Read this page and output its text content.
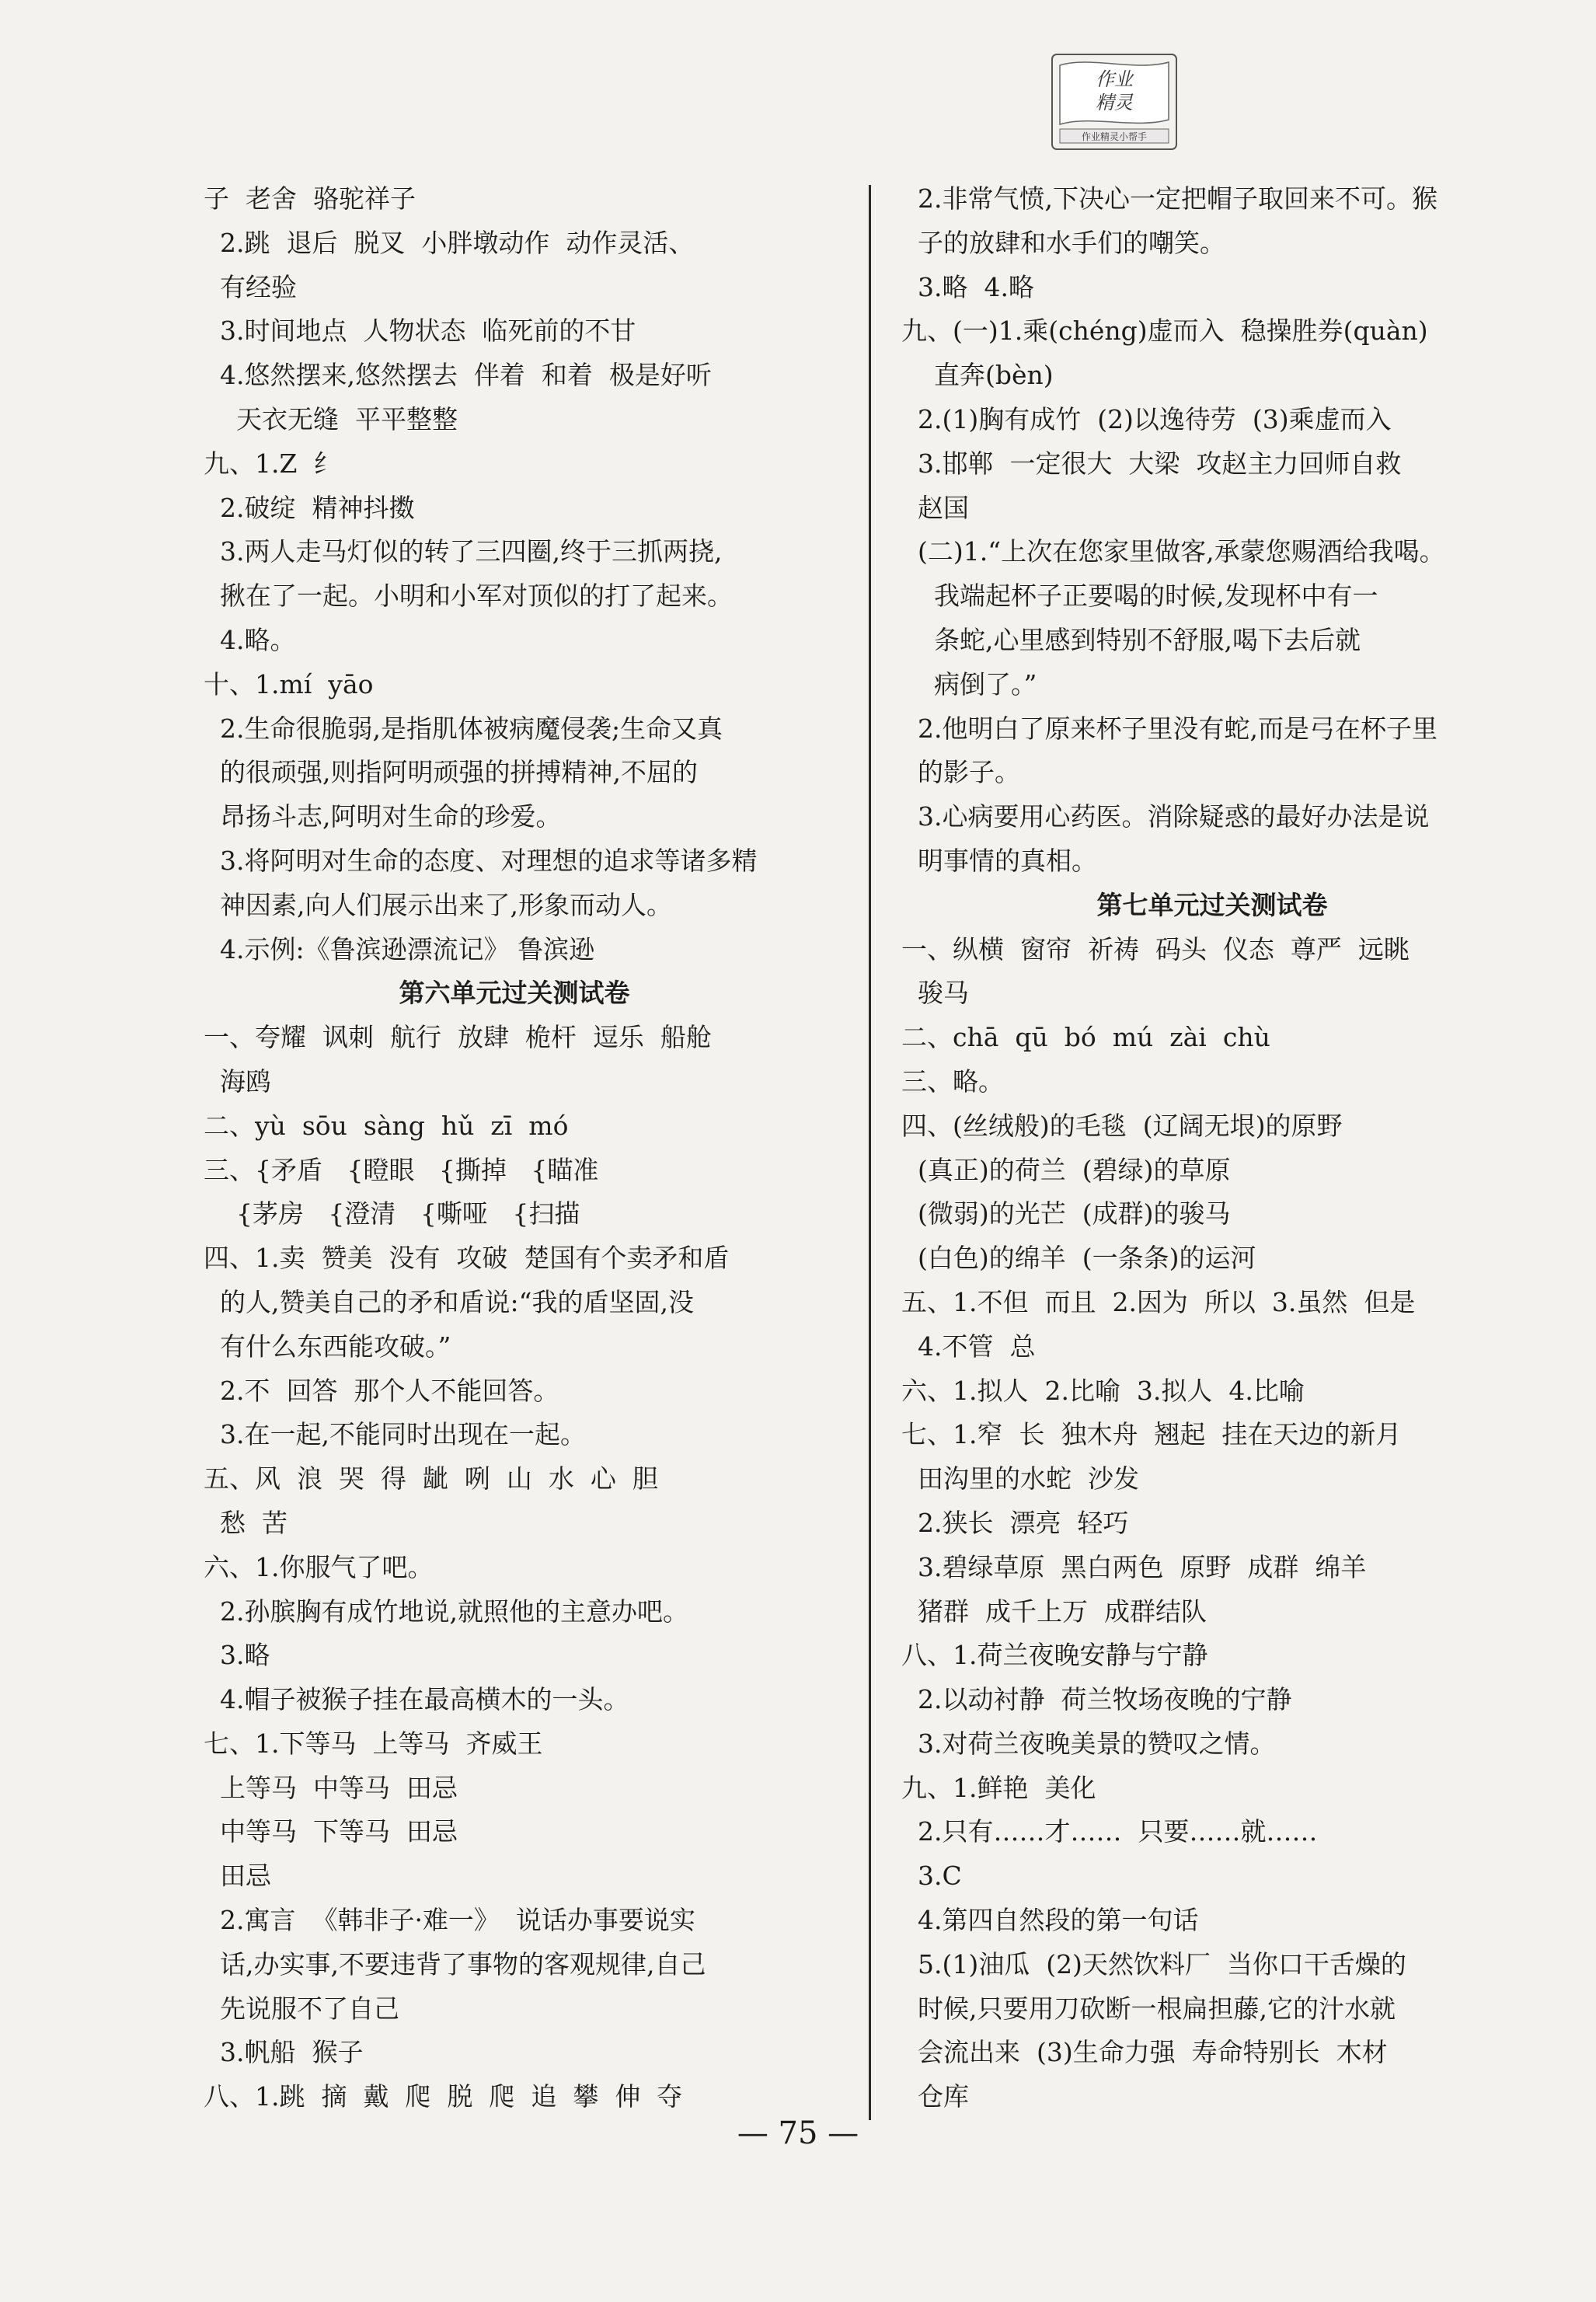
作业
精灵
作业精灵小帮手
子  老舍  骆驼祥子
2.跳  退后  脱叉  小胖墩动作  动作灵活、
有经验
3.时间地点  人物状态  临死前的不甘
4.悠然摆来,悠然摆去  伴着  和着  极是好听
天衣无缝  平平整整
九、1.Z  纟
2.破绽  精神抖擞
3.两人走马灯似的转了三四圈,终于三抓两挠,
揪在了一起。小明和小军对顶似的打了起来。
4.略。
十、1.mí  yāo
2.生命很脆弱,是指肌体被病魔侵袭;生命又真
的很顽强,则指阿明顽强的拼搏精神,不屈的
昂扬斗志,阿明对生命的珍爱。
3.将阿明对生命的态度、对理想的追求等诸多精
神因素,向人们展示出来了,形象而动人。
4.示例:《鲁滨逊漂流记》 鲁滨逊
第六单元过关测试卷
一、夸耀  讽刺  航行  放肆  桅杆  逗乐  船舱
海鸥
二、yù  sōu  sàng  hǔ  zī  mó
三、{矛盾   {瞪眼   {撕掉   {瞄准
{茅房   {澄清   {嘶哑   {扫描
四、1.卖  赞美  没有  攻破  楚国有个卖矛和盾
的人,赞美自己的矛和盾说:“我的盾坚固,没
有什么东西能攻破。”
2.不  回答  那个人不能回答。
3.在一起,不能同时出现在一起。
五、风  浪  哭  得  龇  咧  山  水  心  胆
愁  苦
六、1.你服气了吧。
2.孙膑胸有成竹地说,就照他的主意办吧。
3.略
4.帽子被猴子挂在最高横木的一头。
七、1.下等马  上等马  齐威王
上等马  中等马  田忌
中等马  下等马  田忌
田忌
2.寓言  《韩非子·难一》  说话办事要说实
话,办实事,不要违背了事物的客观规律,自己
先说服不了自己
3.帆船  猴子
八、1.跳  摘  戴  爬  脱  爬  追  攀  伸  夺
2.非常气愤,下决心一定把帽子取回来不可。猴
子的放肆和水手们的嘲笑。
3.略  4.略
九、(一)1.乘(chéng)虚而入  稳操胜券(quàn)
直奔(bèn)
2.(1)胸有成竹  (2)以逸待劳  (3)乘虚而入
3.邯郸  一定很大  大梁  攻赵主力回师自救
赵国
(二)1.“上次在您家里做客,承蒙您赐酒给我喝。
我端起杯子正要喝的时候,发现杯中有一
条蛇,心里感到特别不舒服,喝下去后就
病倒了。”
2.他明白了原来杯子里没有蛇,而是弓在杯子里
的影子。
3.心病要用心药医。消除疑惑的最好办法是说
明事情的真相。
第七单元过关测试卷
一、纵横  窗帘  祈祷  码头  仪态  尊严  远眺
骏马
二、chā  qū  bó  mú  zài  chù
三、略。
四、(丝绒般)的毛毯  (辽阔无垠)的原野
(真正)的荷兰  (碧绿)的草原
(微弱)的光芒  (成群)的骏马
(白色)的绵羊  (一条条)的运河
五、1.不但  而且  2.因为  所以  3.虽然  但是
4.不管  总
六、1.拟人  2.比喻  3.拟人  4.比喻
七、1.窄  长  独木舟  翘起  挂在天边的新月
田沟里的水蛇  沙发
2.狭长  漂亮  轻巧
3.碧绿草原  黑白两色  原野  成群  绵羊
猪群  成千上万  成群结队
八、1.荷兰夜晚安静与宁静
2.以动衬静  荷兰牧场夜晚的宁静
3.对荷兰夜晚美景的赞叹之情。
九、1.鲜艳  美化
2.只有……才……  只要……就……
3.C
4.第四自然段的第一句话
5.(1)油瓜  (2)天然饮料厂  当你口干舌燥的
时候,只要用刀砍断一根扁担藤,它的汁水就
会流出来  (3)生命力强  寿命特别长  木材
仓库
— 75 —
